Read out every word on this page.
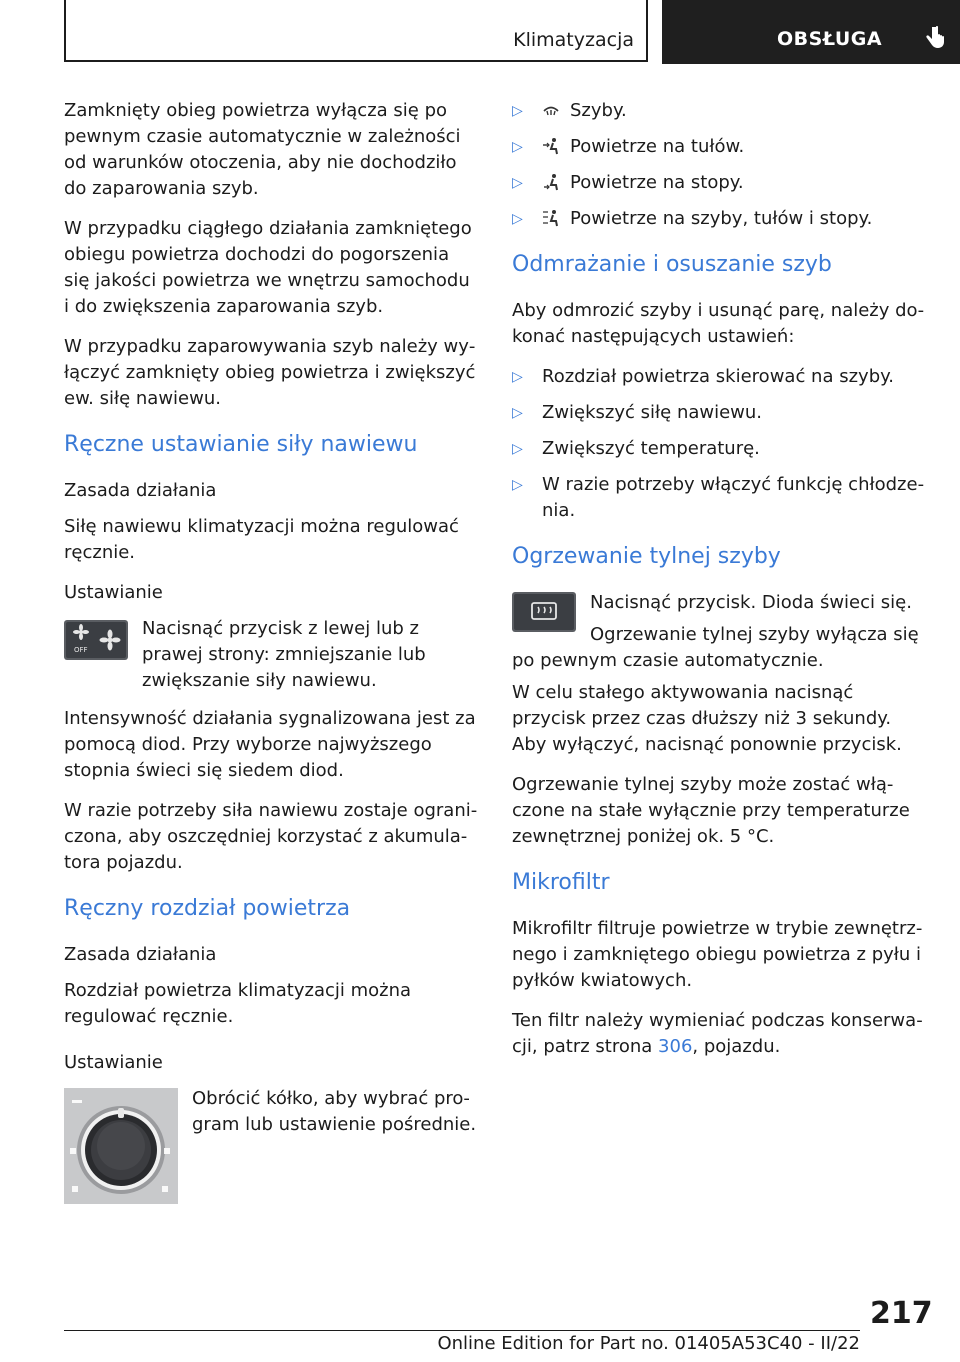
Klimatyzacja	OBSŁUGA

Zamknięty obieg powietrza wyłącza się po pewnym czasie automatycznie w zależności od warunków otoczenia, aby nie dochodziło do zaparowania szyb.

W przypadku ciągłego działania zamkniętego obiegu powietrza dochodzi do pogorszenia się jakości powietrza we wnętrzu samochodu i do zwiększenia zaparowania szyb.

W przypadku zaparowywania szyb należy wyłączyć zamknięty obieg powietrza i zwiększyć ew. siłę nawiewu.

Ręczne ustawianie siły nawiewu
Zasada działania

Siłę nawiewu klimatyzacji można regulować ręcznie.

Ustawianie
OFF

Nacisnąć przycisk z lewej lub z prawej strony: zmniejszanie lub zwiększanie siły nawiewu.

Intensywność działania sygnalizowana jest za pomocą diod. Przy wyborze najwyższego stopnia świeci się siedem diod.

W razie potrzeby siła nawiewu zostaje ograniczona, aby oszczędniej korzystać z akumulatora pojazdu.

Ręczny rozdział powietrza
Zasada działania

Rozdział powietrza klimatyzacji można regulować ręcznie.

Ustawianie

Obrócić kółko, aby wybrać program lub ustawienie pośrednie.

▷	Szyby.
▷	Powietrze na tułów.
▷	Powietrze na stopy.
▷	Powietrze na szyby, tułów i stopy.
Odmrażanie i osuszanie szyb

Aby odmrozić szyby i usunąć parę, należy dokonać następujących ustawień:

▷ Rozdział powietrza skierować na szyby.
▷ Zwiększyć siłę nawiewu.
▷ Zwiększyć temperaturę.
▷ W razie potrzeby włączyć funkcję chłodzenia.
Ogrzewanie tylnej szyby

Nacisnąć przycisk. Dioda świeci się.

Ogrzewanie tylnej szyby wyłącza się po pewnym czasie automatycznie.

W celu stałego aktywowania nacisnąć przycisk przez czas dłuższy niż 3 sekundy. Aby wyłączyć, nacisnąć ponownie przycisk.

Ogrzewanie tylnej szyby może zostać włączone na stałe wyłącznie przy temperaturze zewnętrznej poniżej ok. 5 °C.

Mikrofiltr

Mikrofiltr filtruje powietrze w trybie zewnętrznego i zamkniętego obiegu powietrza z pyłu i pyłków kwiatowych.

Ten filtr należy wymieniać podczas konserwacji, patrz strona 306, pojazdu.

217
Online Edition for Part no. 01405A53C40 - II/22
